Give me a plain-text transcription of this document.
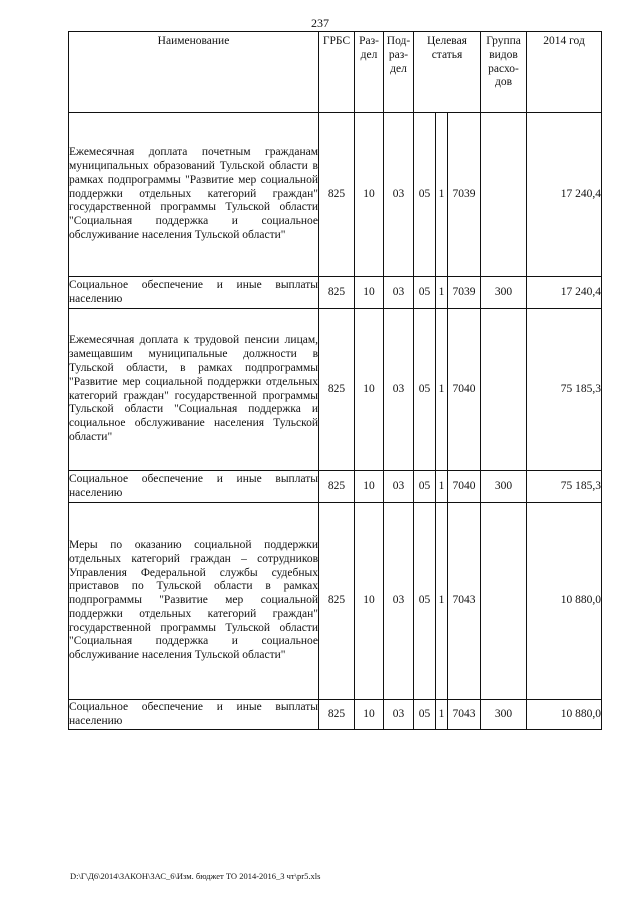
237
Наименование	ГРБС	Раз-дел	Под-раз-дел	Целевая статья			Группа видов расхо-дов	2014 год
Ежемесячная доплата почетным гражданам муниципальных образований Тульской области в рамках подпрограммы "Развитие мер социальной поддержки отдельных категорий граждан" государственной программы Тульской области "Социальная поддержка и социальное обслуживание населения Тульской области"	825	10	03	05	1	7039		17 240,4
Социальное обеспечение и иные выплаты населению	825	10	03	05	1	7039	300	17 240,4
Ежемесячная доплата к трудовой пенсии лицам, замещавшим муниципальные должности в Тульской области, в рамках подпрограммы "Развитие мер социальной поддержки отдельных категорий граждан" государственной программы Тульской области "Социальная поддержка и социальное обслуживание населения Тульской области"	825	10	03	05	1	7040		75 185,3
Социальное обеспечение и иные выплаты населению	825	10	03	05	1	7040	300	75 185,3
Меры по оказанию социальной поддержки отдельных категорий граждан – сотрудников Управления Федеральной службы судебных приставов по Тульской области в рамках подпрограммы "Развитие мер социальной поддержки отдельных категорий граждан" государственной программы Тульской области "Социальная поддержка и социальное обслуживание населения Тульской области"	825	10	03	05	1	7043		10 880,0
Социальное обеспечение и иные выплаты населению	825	10	03	05	1	7043	300	10 880,0
D:\Г\Д6\2014\ЗАКОН\ЗАС_6\Изм. бюджет ТО 2014-2016_3 чт\pr5.xls
